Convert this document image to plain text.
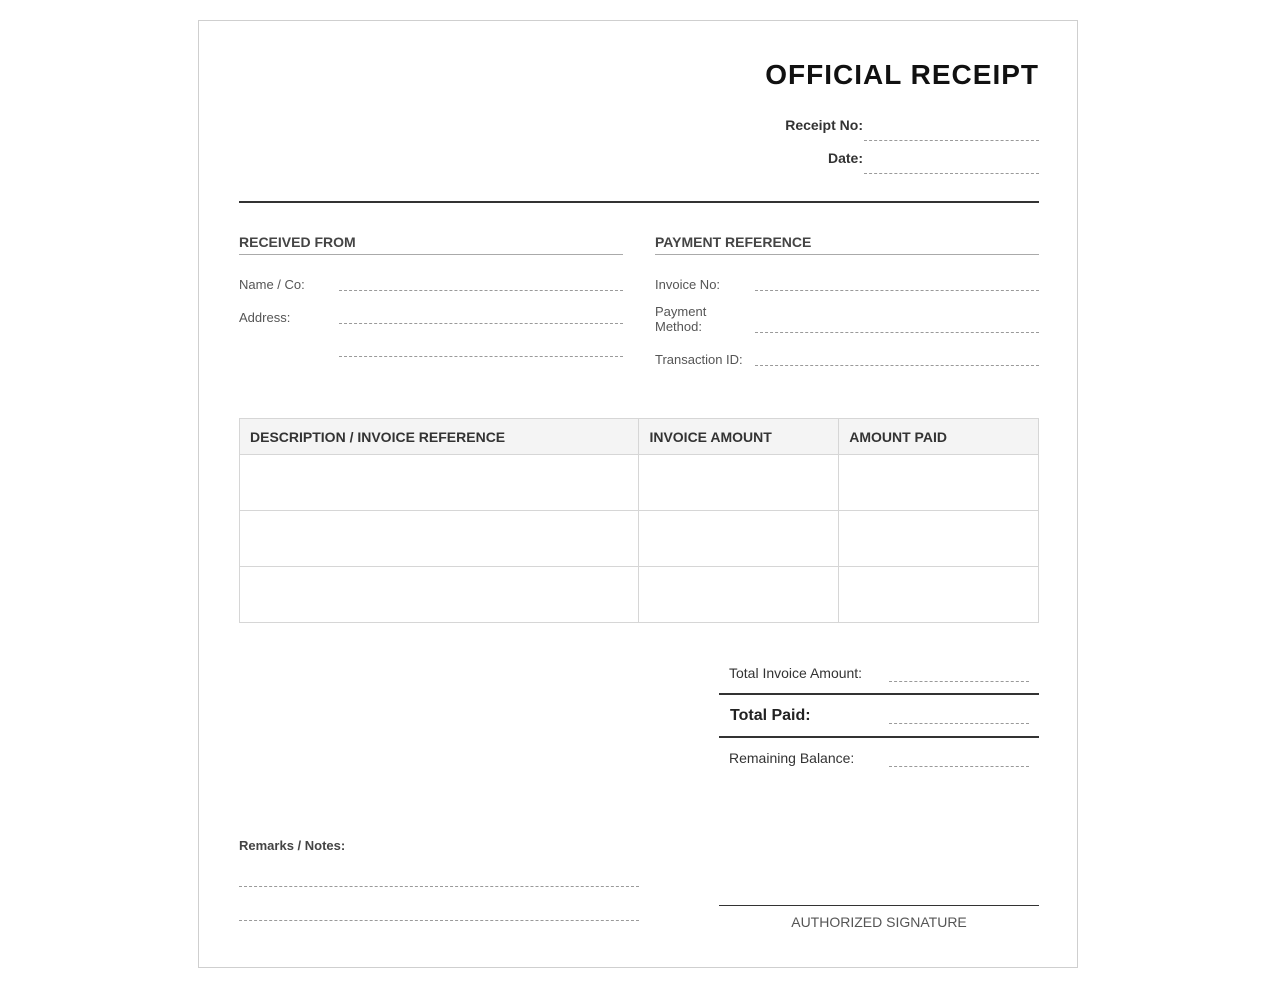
OFFICIAL RECEIPT
Receipt No:
Date:
RECEIVED FROM
Name / Co:
Address:
PAYMENT REFERENCE
Invoice No:
Payment
Method:
Transaction ID:
DESCRIPTION / INVOICE REFERENCE	INVOICE AMOUNT	AMOUNT PAID

Total Invoice Amount:
Total Paid:
Remaining Balance:
Remarks / Notes:
AUTHORIZED SIGNATURE
